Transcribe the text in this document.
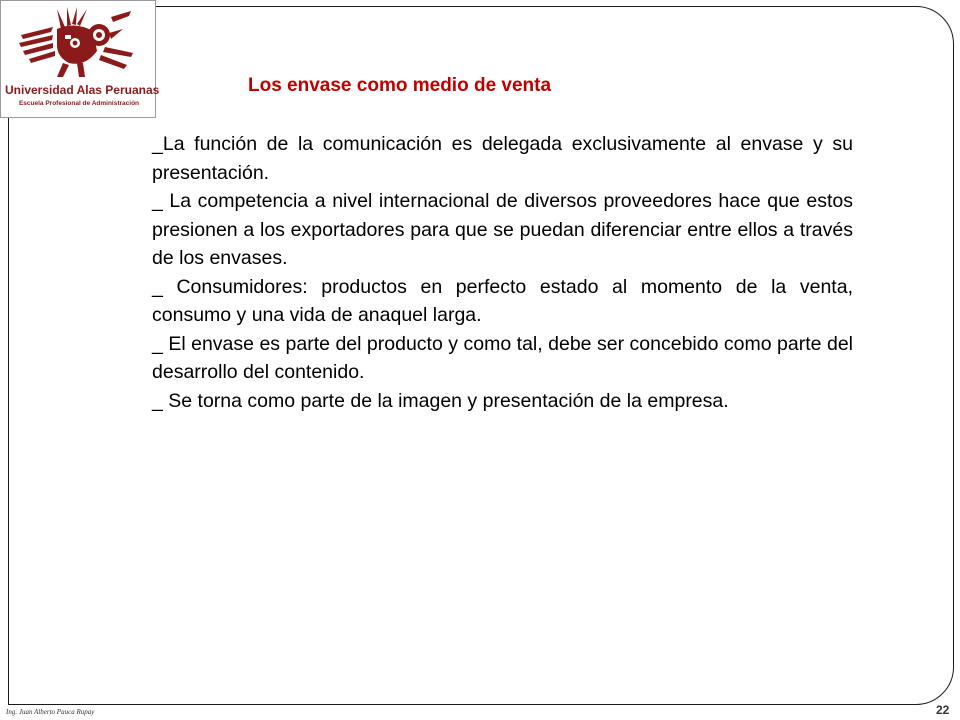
Universidad Alas Peruanas
Escuela Profesional de Administración
Los envase como medio de venta

_La función de la comunicación es delegada exclusivamente al envase y su presentación.

_ La competencia a nivel internacional de diversos proveedores hace que estos presionen a los exportadores para que se puedan diferenciar entre ellos a través de los envases.

_ Consumidores: productos en perfecto estado al momento de la venta, consumo y una vida de anaquel larga.

_ El envase es parte del producto y como tal, debe ser concebido como parte del desarrollo del contenido.

_ Se torna como parte de la imagen y presentación de la empresa.

Ing. Juan Alberto Pauca Rupay	22
